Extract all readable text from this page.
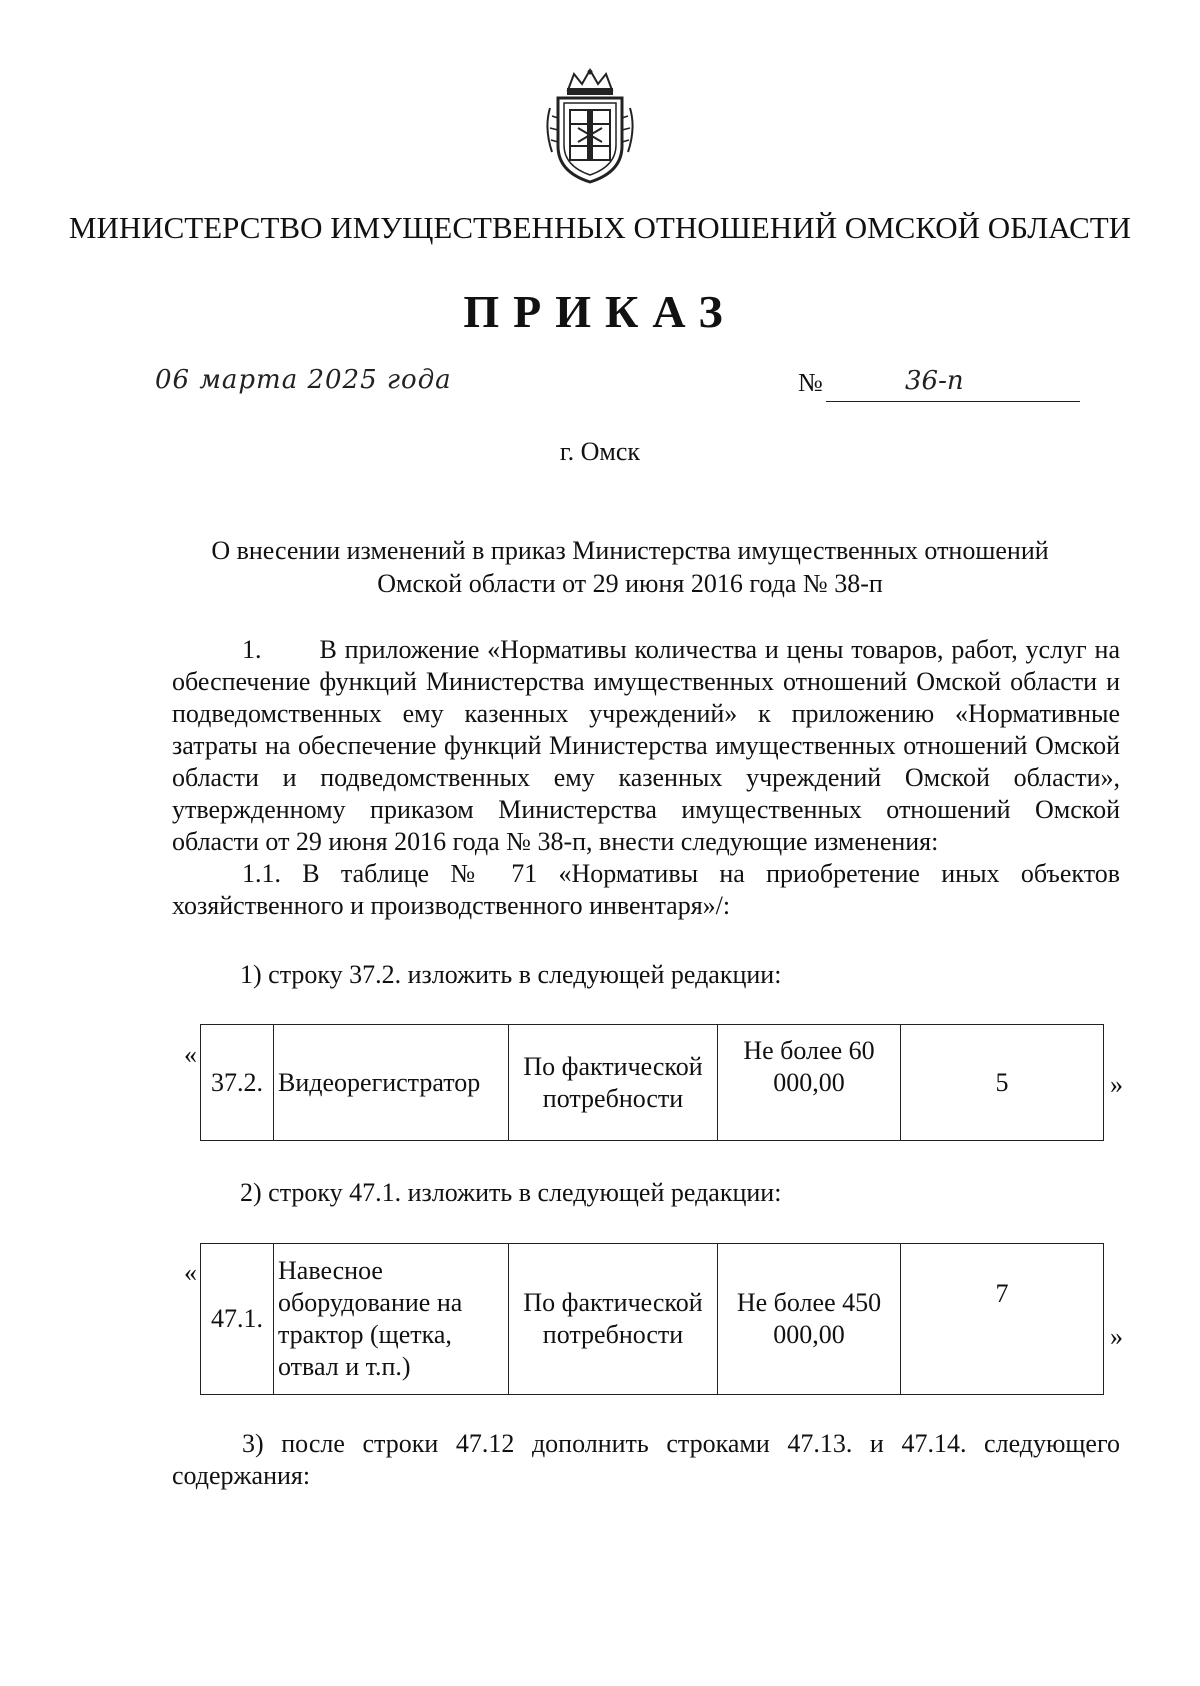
МИНИСТЕРСТВО ИМУЩЕСТВЕННЫХ ОТНОШЕНИЙ ОМСКОЙ ОБЛАСТИ
ПРИКАЗ
06 марта 2025 года	№	36-п
г. Омск
О внесении изменений в приказ Министерства имущественных отношений
Омской области от 29 июня 2016 года № 38-п
1. В приложение «Нормативы количества и цены товаров, работ, услуг на обеспечение функций Министерства имущественных отношений Омской области и подведомственных ему казенных учреждений» к приложению «Нормативные затраты на обеспечение функций Министерства имущественных отношений Омской области и подведомственных ему казенных учреждений Омской области», утвержденному приказом Министерства имущественных отношений Омской области от 29 июня 2016 года № 38-п, внести следующие изменения:
1.1. В таблице № 71 «Нормативы на приобретение иных объектов хозяйственного и производственного инвентаря»/:
1) строку 37.2. изложить в следующей редакции:
«
37.2.	Видеорегистратор	По фактической потребности	Не более 60 000,00	5	»
2) строку 47.1. изложить в следующей редакции:
«
47.1.	Навесное оборудование на трактор (щетка, отвал и т.п.)	По фактической потребности	Не более 450 000,00	7
»
3) после строки 47.12 дополнить строками 47.13. и 47.14. следующего содержания:
